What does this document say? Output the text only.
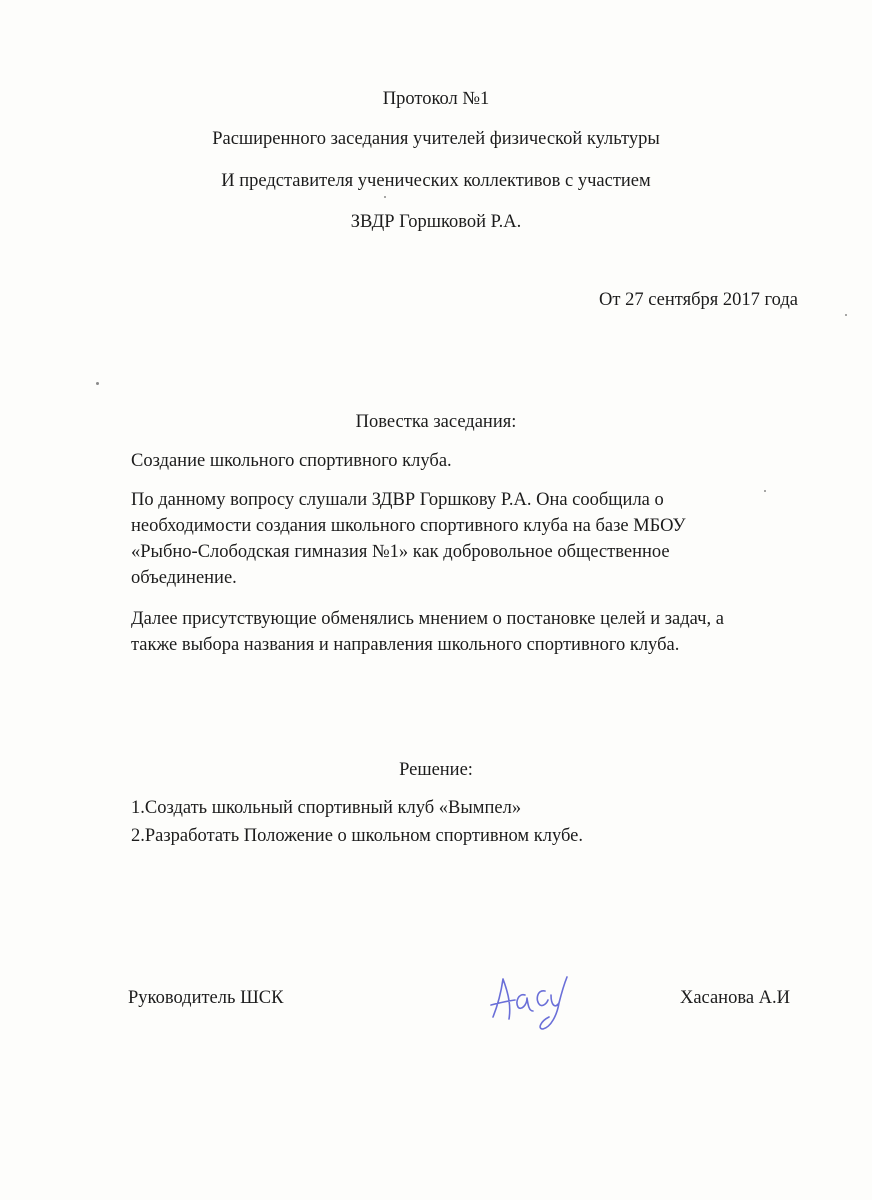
Протокол №1
Расширенного заседания учителей физической культуры
И представителя ученических коллективов с участием
ЗВДР Горшковой Р.А.
От 27 сентября 2017 года
Повестка заседания:
Создание школьного спортивного клуба.
По данному вопросу слушали ЗДВР Горшкову Р.А. Она сообщила о
необходимости создания школьного спортивного клуба на базе МБОУ
«Рыбно-Слободская гимназия №1» как добровольное общественное
объединение.
Далее присутствующие обменялись мнением о постановке целей и задач, а
также выбора названия и направления школьного спортивного клуба.
Решение:
1.Создать школьный спортивный клуб «Вымпел»
2.Разработать Положение о школьном спортивном клубе.
Руководитель ШСК	Хасанова А.И
